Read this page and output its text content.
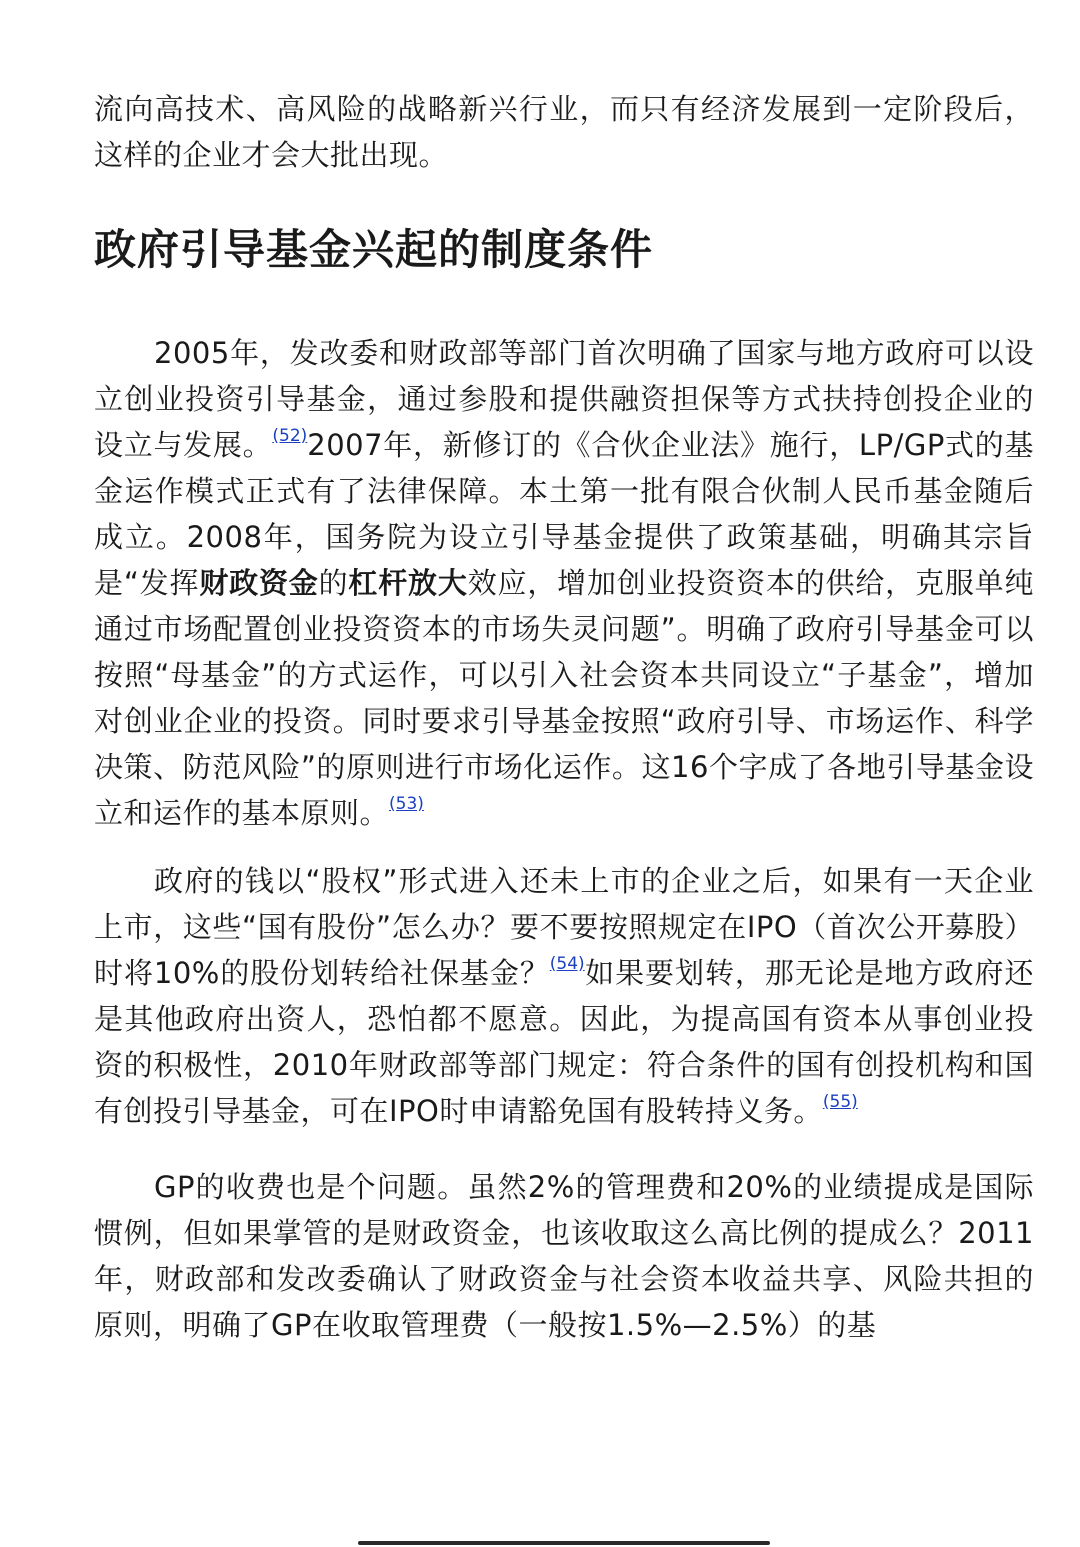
流向高技术、高风险的战略新兴行业，而只有经济发展到一定阶段后，这样的企业才会大批出现。

政府引导基金兴起的制度条件

2005年，发改委和财政部等部门首次明确了国家与地方政府可以设立创业投资引导基金，通过参股和提供融资担保等方式扶持创投企业的设立与发展。$^{(52)}$2007年，新修订的《合伙企业法》施行，LP/GP式的基金运作模式正式有了法律保障。本土第一批有限合伙制人民币基金随后成立。2008年，国务院为设立引导基金提供了政策基础，明确其宗旨是“发挥财政资金的杠杆放大效应，增加创业投资资本的供给，克服单纯通过市场配置创业投资资本的市场失灵问题”。明确了政府引导基金可以按照“母基金”的方式运作，可以引入社会资本共同设立“子基金”，增加对创业企业的投资。同时要求引导基金按照“政府引导、市场运作、科学决策、防范风险”的原则进行市场化运作。这16个字成了各地引导基金设立和运作的基本原则。$^{(53)}$

政府的钱以“股权”形式进入还未上市的企业之后，如果有一天企业上市，这些“国有股份”怎么办？要不要按照规定在IPO（首次公开募股）时将10%的股份划转给社保基金？$^{(54)}$如果要划转，那无论是地方政府还是其他政府出资人，恐怕都不愿意。因此，为提高国有资本从事创业投资的积极性，2010年财政部等部门规定：符合条件的国有创投机构和国有创投引导基金，可在IPO时申请豁免国有股转持义务。$^{(55)}$

GP的收费也是个问题。虽然2%的管理费和20%的业绩提成是国际惯例，但如果掌管的是财政资金，也该收取这么高比例的提成么？2011年，财政部和发改委确认了财政资金与社会资本收益共享、风险共担的原则，明确了GP在收取管理费（一般按1.5%—2.5%）的基
